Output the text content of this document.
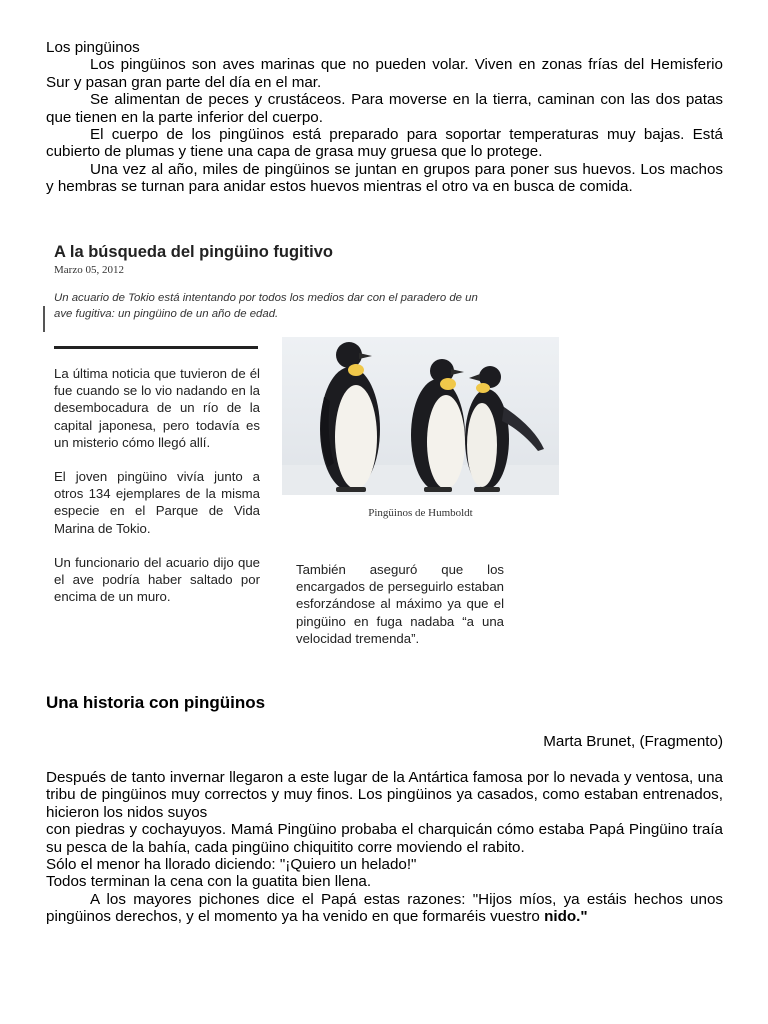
Los pingüinos

Los pingüinos son aves marinas que no pueden volar. Viven en zonas frías del Hemisferio Sur y pasan gran parte del día en el mar.

Se alimentan de peces y crustáceos. Para moverse en la tierra, caminan con las dos patas que tienen en la parte inferior del cuerpo.

El cuerpo de los pingüinos está preparado para soportar temperaturas muy bajas. Está cubierto de plumas y tiene una capa de grasa muy gruesa que lo protege.

Una vez al año, miles de pingüinos se juntan en grupos para poner sus huevos. Los machos y hembras se turnan para anidar estos huevos mientras el otro va en busca de comida.

A la búsqueda del pingüino fugitivo
Marzo 05, 2012
Un acuario de Tokio está intentando por todos los medios dar con el paradero de un ave fugitiva: un pingüino de un año de edad.

La última noticia que tuvieron de él fue cuando se lo vio nadando en la desembocadura de un río de la capital japonesa, pero todavía es un misterio cómo llegó allí.

El joven pingüino vivía junto a otros 134 ejemplares de la misma especie en el Parque de Vida Marina de Tokio.

Un funcionario del acuario dijo que el ave podría haber saltado por encima de un muro.

Pingüinos de Humboldt
También aseguró que los encargados de perseguirlo estaban esforzándose al máximo ya que el pingüino en fuga nadaba “a una velocidad tremenda”.
Una historia con pingüinos
Marta Brunet, (Fragmento)

Después de tanto invernar llegaron a este lugar de la Antártica famosa por lo nevada y ventosa, una tribu de pingüinos muy correctos y muy finos. Los pingüinos ya casados, como estaban entrenados, hicieron los nidos suyos

con piedras y cochayuyos. Mamá Pingüino probaba el charquicán cómo estaba Papá Pingüino traía su pesca de la bahía, cada pingüino chiquitito corre moviendo el rabito.

Sólo el menor ha llorado diciendo: "¡Quiero un helado!"

Todos terminan la cena con la guatita bien llena.

A los mayores pichones dice el Papá estas razones: "Hijos míos, ya estáis hechos unos pingüinos derechos, y el momento ya ha venido en que formaréis vuestro nido."
